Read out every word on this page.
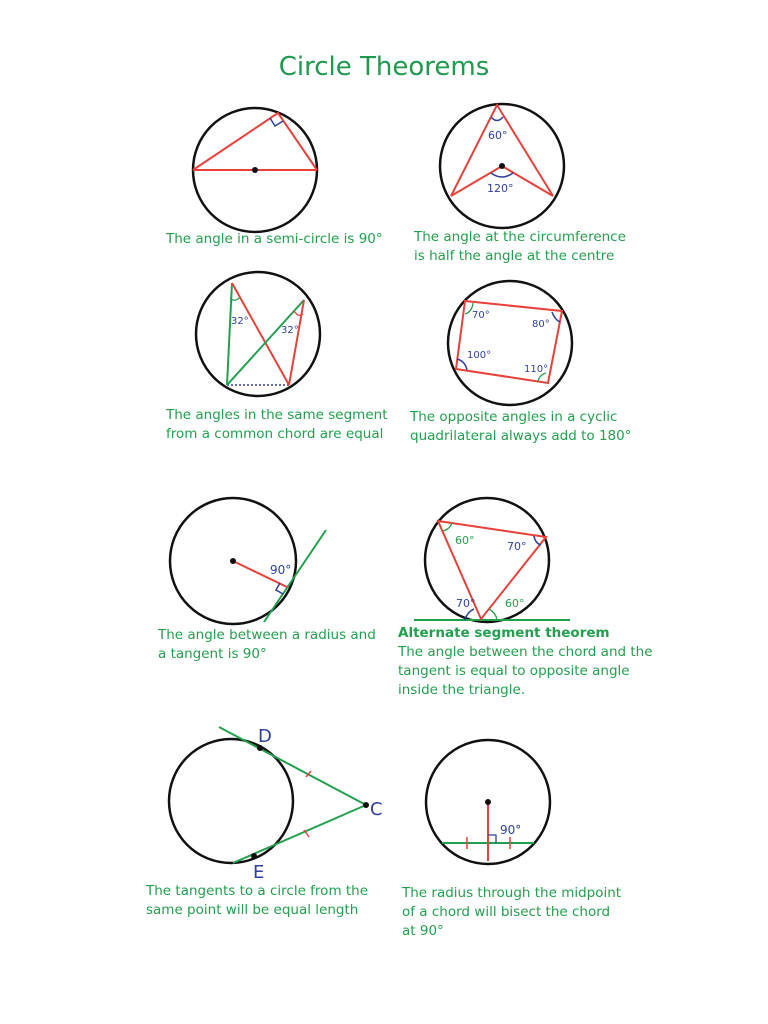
60°
120°
32°
32°
70°
80°
100°
110°
90°
60°	70°
70°	60°
D
C
E
90°
Circle Theorems
The angle in a semi-circle is 90° The angle at the circumference
is half the angle at the centre
The angles in the same segment
from a common chord are equal
The opposite angles in a cyclic
quadrilateral always add to 180°
The angle between a radius and
a tangent is 90°
Alternate segment theorem
The angle between the chord and the
tangent is equal to opposite angle
inside the triangle.
The tangents to a circle from the
same point will be equal length
The radius through the midpoint
of a chord will bisect the chord
at 90°
